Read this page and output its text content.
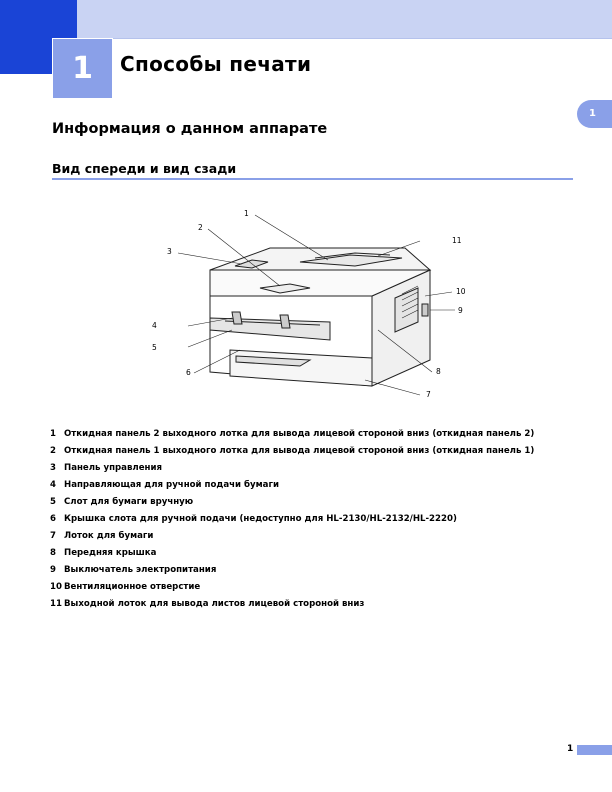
1	Способы печати
1
Информация о данном аппарате
Вид спереди и вид сзади
1
2
3
4
5
6
7
8
9
10
11
1 Откидная панель 2 выходного лотка для вывода лицевой стороной вниз (откидная панель 2)
2 Откидная панель 1 выходного лотка для вывода лицевой стороной вниз (откидная панель 1)
3 Панель управления
4 Направляющая для ручной подачи бумаги
5 Слот для бумаги вручную
6 Крышка слота для ручной подачи (недоступно для HL-2130/HL-2132/HL-2220)
7 Лоток для бумаги
8 Передняя крышка
9 Выключатель электропитания
10 Вентиляционное отверстие
11 Выходной лоток для вывода листов лицевой стороной вниз
1
